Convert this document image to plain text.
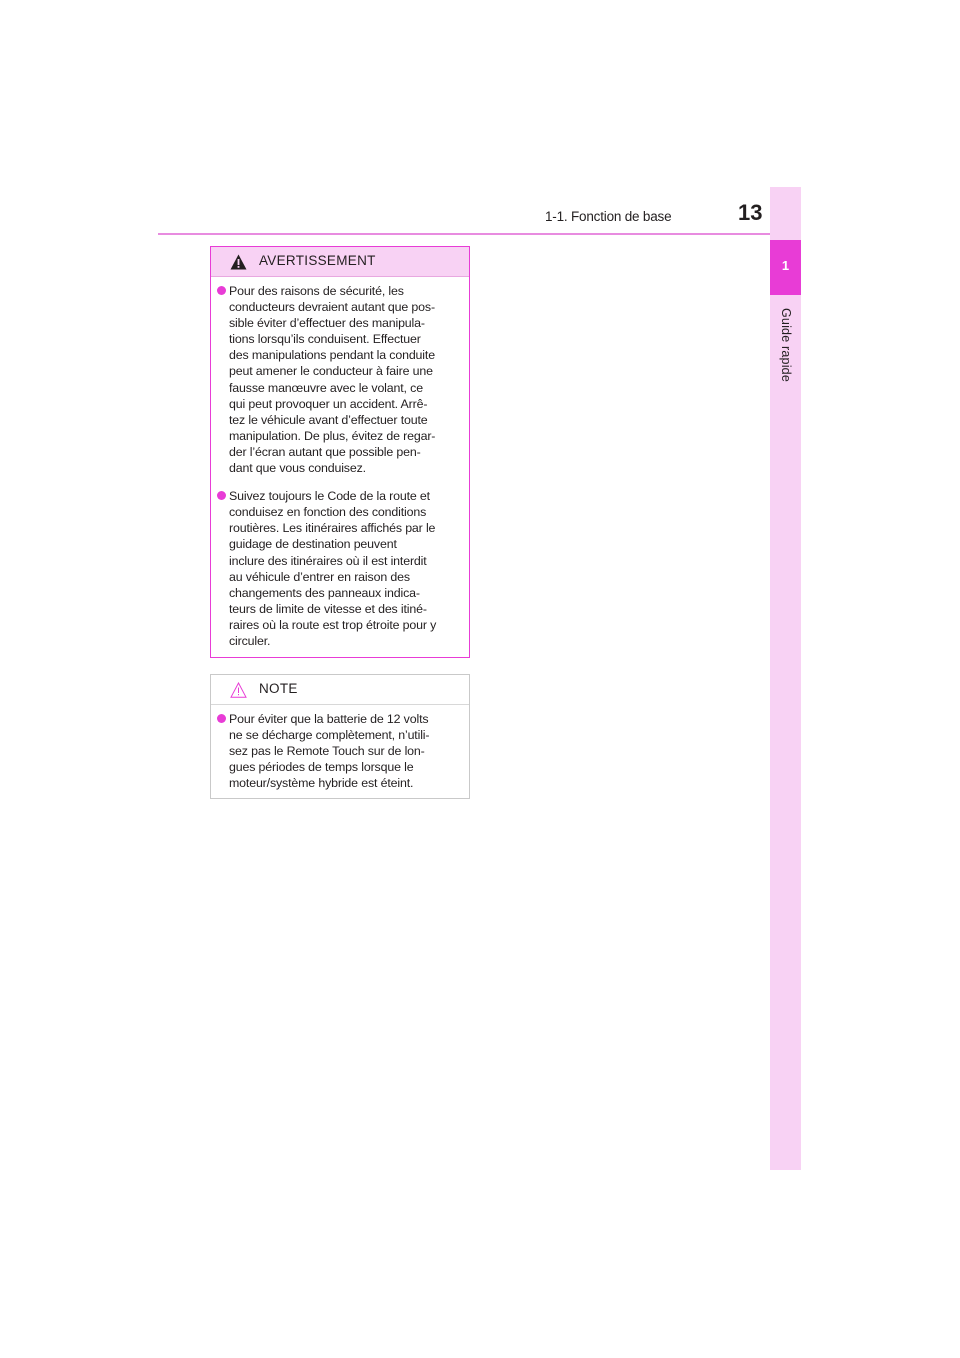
1-1. Fonction de base	13
1
Guide rapide
AVERTISSEMENT

Pour des raisons de sécurité, les
conducteurs devraient autant que pos-
sible éviter d’effectuer des manipula-
tions lorsqu’ils conduisent. Effectuer
des manipulations pendant la conduite
peut amener le conducteur à faire une
fausse manœuvre avec le volant, ce
qui peut provoquer un accident. Arrê-
tez le véhicule avant d’effectuer toute
manipulation. De plus, évitez de regar-
der l’écran autant que possible pen-
dant que vous conduisez.

Suivez toujours le Code de la route et
conduisez en fonction des conditions
routières. Les itinéraires affichés par le
guidage de destination peuvent
inclure des itinéraires où il est interdit
au véhicule d’entrer en raison des
changements des panneaux indica-
teurs de limite de vitesse et des itiné-
raires où la route est trop étroite pour y
circuler.

NOTE

Pour éviter que la batterie de 12 volts
ne se décharge complètement, n’utili-
sez pas le Remote Touch sur de lon-
gues périodes de temps lorsque le
moteur/système hybride est éteint.
